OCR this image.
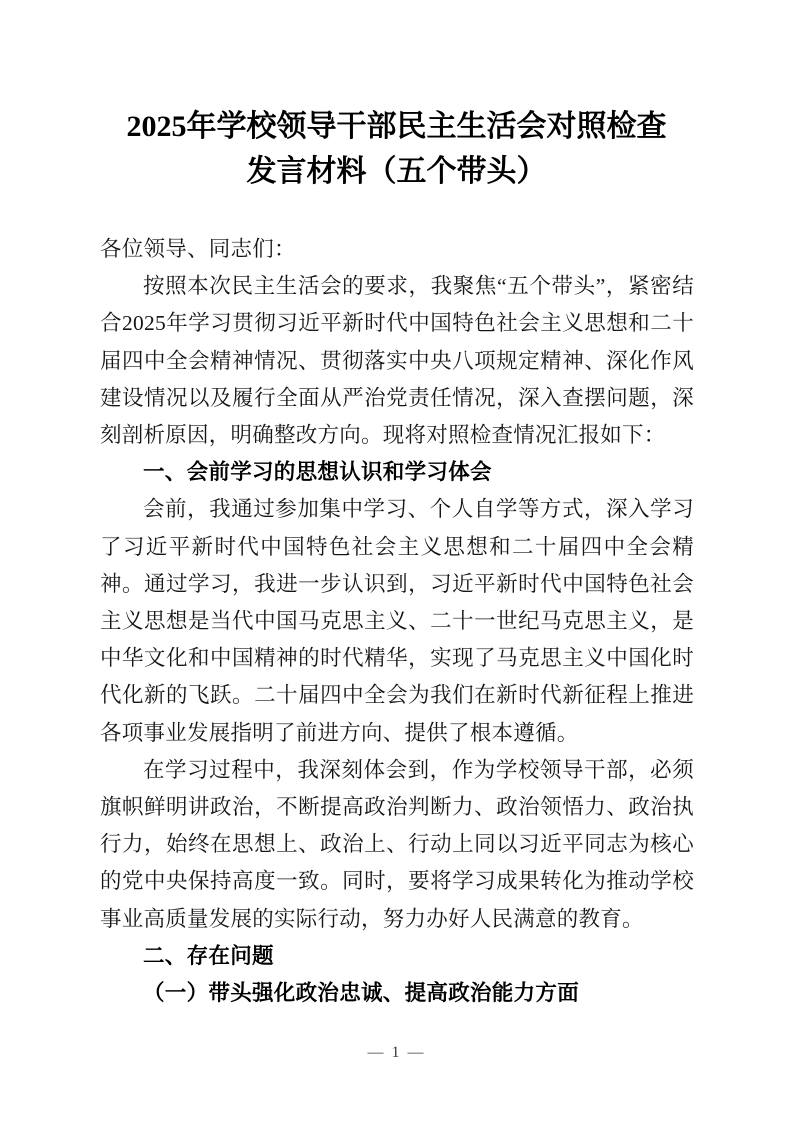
2025年学校领导干部民主生活会对照检查
发言材料（五个带头）

各位领导、同志们：

按照本次民主生活会的要求，我聚焦“五个带头”，紧密结合2025年学习贯彻习近平新时代中国特色社会主义思想和二十届四中全会精神情况、贯彻落实中央八项规定精神、深化作风建设情况以及履行全面从严治党责任情况，深入查摆问题，深刻剖析原因，明确整改方向。现将对照检查情况汇报如下：

一、会前学习的思想认识和学习体会

会前，我通过参加集中学习、个人自学等方式，深入学习了习近平新时代中国特色社会主义思想和二十届四中全会精神。通过学习，我进一步认识到，习近平新时代中国特色社会主义思想是当代中国马克思主义、二十一世纪马克思主义，是中华文化和中国精神的时代精华，实现了马克思主义中国化时代化新的飞跃。二十届四中全会为我们在新时代新征程上推进各项事业发展指明了前进方向、提供了根本遵循。

在学习过程中，我深刻体会到，作为学校领导干部，必须旗帜鲜明讲政治，不断提高政治判断力、政治领悟力、政治执行力，始终在思想上、政治上、行动上同以习近平同志为核心的党中央保持高度一致。同时，要将学习成果转化为推动学校事业高质量发展的实际行动，努力办好人民满意的教育。

二、存在问题

（一）带头强化政治忠诚、提高政治能力方面

— 1 —
